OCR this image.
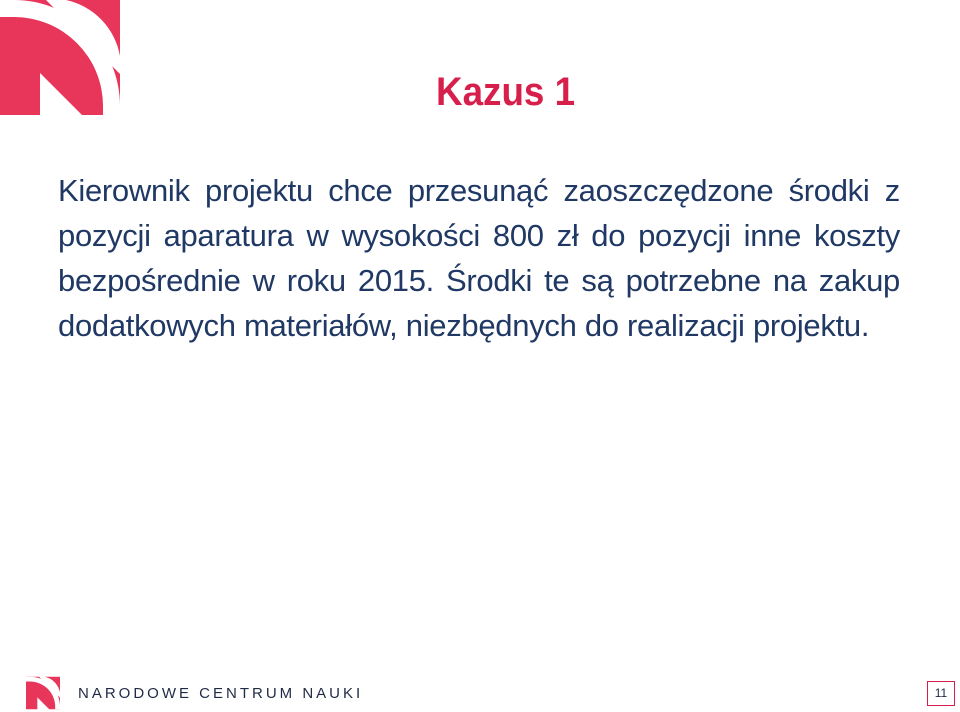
Kazus 1

Kierownik projektu chce przesunąć zaoszczędzone środki z pozycji aparatura w wysokości 800 zł do pozycji inne koszty bezpośrednie w roku 2015. Środki te są potrzebne na zakup dodatkowych materiałów, niezbędnych do realizacji projektu.

NARODOWE CENTRUM NAUKI	11
